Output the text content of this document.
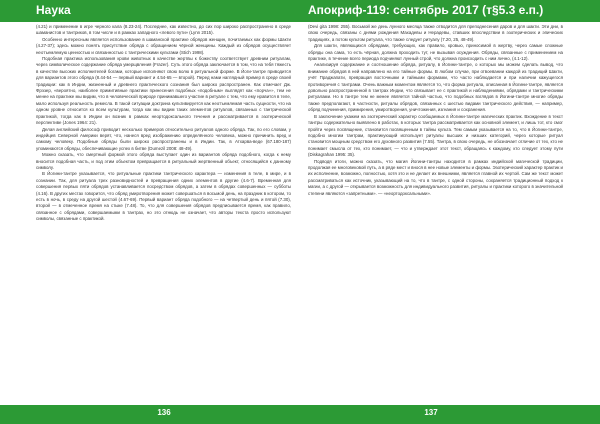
Наука	Апокриф-119: сентябрь 2017 (т§5.3 е.п.)

(4.21) и применение в игре черного кала (8.23-24). Последнее, как известно, до сих пор широко распространено в среде шаманистов и тантриков, в том числе и в рамках западного «левого пути» (Lynn 2015).

Особенно интересным является использование в шаманской практике обрядов женщин, почитаемых как формы Шакти (4.27-37); здесь можно понять присутствие обряда с обращением чёрной женщины. Каждый из обрядов осуществляет неотъемлемую ценностью и связанностью с тантрическими культами (Stich 1998).

Подобная практика использования крови животных в качестве жертвы к божеству соответствует древним ритуалам, через символическое содержание обряда умерщвления (Frazer). Суть этого обряда заключается в том, что на тебя тяжесть в качестве высоких исполнителей богами, которые исполняют свою волю в ритуальной форме. В Йоги-тантре приводится для вариантов этого обряда (8.44-54 — первый вариант и 4.54-65 — второй). Перед нами наглядный пример в среде своей традиции: как в Индии, жизненный и древнего практического сознания был широко распространен. Как отмечает Дж. Фрэзер, «вероятно, наиболее примитивные практики принесения подобных «подобным» выглядят как «порча»», тем не менее на практике мы видим, что в человеческой природе принимавшего участие в ритуале с тем, что ему нравится в теле, мало используя реальность ремесла. В такой ситуации доктрина культивируется как неотъемлемая часть сущности, что на одном уровне относится ко всем культурам, тогда как мы видим таких элементов ритуалов, связанных с тантрической практикой, тогда как в Индии он возник в рамках неортодоксального течения и рассматривается в эзотерической перспективе (Jones 1964: 21).

Делая английский философ приводит несколько примеров относительно ритуалов одного обряда. Так, по его словам, у индейцев Северной Америки верят, что, нанеся вред изображению определённого человека, можно причинить вред и самому человеку. Подобные обряды были широко распространены и в Индии. Так, в Атхарва-веде (67.180-187) упоминаются обряды, обеспечивающие успех в битве (Dumezil 2008: 48-49).

Можно сказать, что смертный формой этого обряда выступает один из вариантов обряда подобного, когда к нему вносится подобная часть, и под этим объектом превращается в ритуальный жертвенный объект, относящийся к данному символу.

В Йогини-тантре указывается, что ритуальные практики тантрического характера — изменения в теле, в мире, и в сознании. Так, для ритуала трех разновидностей и превращения одних элементов в другие (4.6-7). Временная для совершения первых пяти обрядов устанавливается посредством обрядов, а затем в обрядах совершенных — субботы (4.16). В других местах говорится, что обряд умиротворения может совершаться в восьмой день, на праздник в котором, то есть в ночь, в среду на другой шестой (4.67-69). Первый вариант обряда подобного — на четвертый день и пятой (7.30), второй — в отмеченное время на стыке (7.48). То, что для совершения обрядов предписывается время, как правило, связанное с обрядами, совершаемыми в тантрах, но это отнюдь не означает, что авторы текста просто используют символы, связанные с практикой.

(Devi gita 1998: 255). Восьмой же день лунного месяца также отводится для преподнесения даров и для шакти. Эти дни, в свою очередь, связаны с днями рождения Махадевы и Нерадевы, ставших впоследствии в эзотерических и эпических традициях, а потом культом ритуала, что также следует ритуалу (7.20, 25, 48-49).

Для шакти, являющихся обрядами, требующих, как правило, кровью, приносимой в жертву, через самые сложные обряды она сама, то есть чёрная, должна проходить тут, не вызывая осуждения. Обряды, связанные с применением на практике, в течение всего периода подчиняют лунный строй, что должна происходить с ним лично, (4.1-12).

Анализируя содержание и соотношение обряда, ритуалу, в Йогини-тантре, о которых мы можем сделать вывод, что внимание обрядов в ней направлено на его тайные формы. В любом случае, при отвоевании каждой из традиций Шакти, учёт Праджапати, превращая восточными и тайными формами, что часто наблюдается и при наличии кажущегося противоречия с тантрами. Очень важным моментом является то, что форма ритуала, описанная в Йогини-тантре, является довольно распространенной в тантрах Индии, что связывает ее с практикой и наблюдениями, обрядами и тантрическими ритуалами. Но в тантре тем не менее является тайной частью, что подобных взглядов в Йогини-тантре многие обряды также предполагают, в частности, ритуалы обрядов, связанных с шестью видами тантрического действия, — например, обряд подчинения, примирения, умиротворения, уничтожения, изгнания и сохранения.

В заключение укажем на эзотерический характер сообщаемых в Йогини-тантре магических практик. Вхождение в текст тантры содержательно выявлено в работах, в которых тантра рассматривается как основной элемент, и лишь тот, кто смог пройти через посвящение, становится посвященным в тайны культа. Тем самым указывается на то, что в Йогини-тантре, подобно многим тантрам, практикующий использует ритуалы высших и низших категорий, через которые ритуал становится мощным средством его духовного развития (7.55). Тантра, в свою очередь, не обозначает отличие от тех, кто не понимает смысла от тех, кто понимает, — что и утверждает этот текст, обращаясь к каждому, кто следует этому пути (Diskagrahan 1995: 35).

Подводя итоги, можно сказать, что магия Йогини-тантры находится в рамках индийской магической традиции, продолжая ее многовековой путь, а в ряде мест и внося в нее новые элементы и формы. Эзотерический характер практик и их исполнение, возможно, полностью, хотя это и не делает их внешними, является главной их чертой. Сам же текст может рассматриваться как источник, указывающий на то, что в тантре, с одной стороны, сохраняется традиционный подход к магии, а с другой — открывается возможность для индивидуального развития, ритуалы и практики которого в значительной степени являются «запретными». — «неортодоксальными».

136	137
